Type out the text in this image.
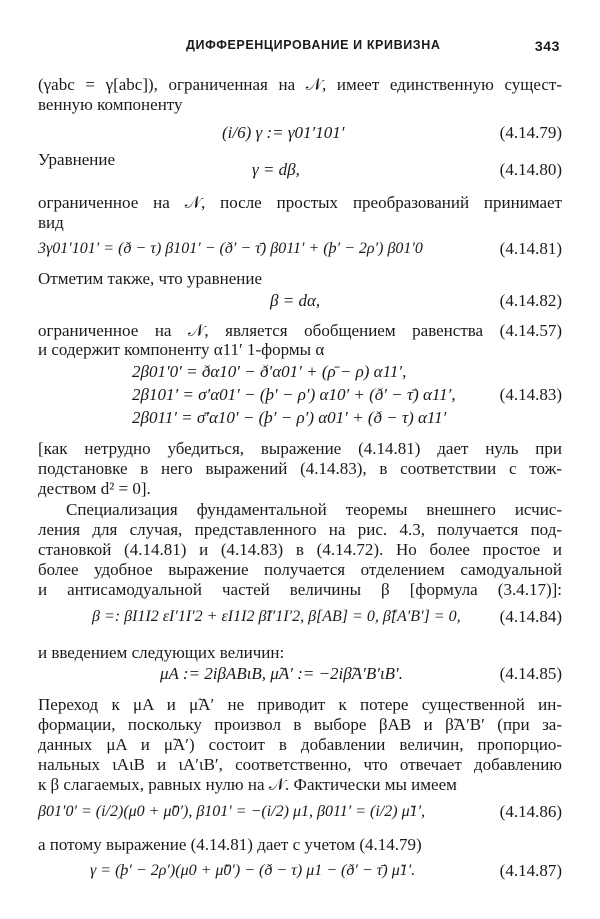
ДИФФЕРЕНЦИРОВАНИЕ И КРИВИЗНА	343
(γabc = γ[abc]), ограниченная на 𝒩, имеет единственную сущест-
венную компоненту
(i/6) γ := γ01′101′	(4.14.79)
Уравнение
γ = dβ,	(4.14.80)
ограниченное на 𝒩, после простых преобразований принимает
вид
3γ01′101′ = (ð − τ) β101′ − (ð′ − τ̄) β011′ + (þ′ − 2ρ′) β01′0	(4.14.81)
Отметим также, что уравнение
β = dα,	(4.14.82)
ограниченное на 𝒩, является обобщением равенства (4.14.57)
и содержит компоненту α11′ 1-формы α
2β01′0′ = ðα10′ − ð′α01′ + (ρ̄ − ρ) α11′,
2β101′ = σ′α01′ − (þ′ − ρ′) α10′ + (ð′ − τ̄) α11′,	(4.14.83)
2β011′ = σ̄′α10′ − (þ′ − ρ′) α01′ + (ð − τ) α11′
[как нетрудно убедиться, выражение (4.14.81) дает нуль при
подстановке в него выражений (4.14.83), в соответствии с тож-
деством d² = 0].
Специализация фундаментальной теоремы внешнего исчис-
ления для случая, представленного на рис. 4.3, получается под-
становкой (4.14.81) и (4.14.83) в (4.14.72). Но более простое и
более удобное выражение получается отделением самодуальной
и антисамодуальной частей величины β [формула (3.4.17)]:
β =: βI1I2 εI′1I′2 + εI1I2 β̃I′1I′2, β[AB] = 0, β̃[A′B′] = 0, (4.14.84)
и введением следующих величин:
μA := 2iβABιB, μ̃A′ := −2iβ̃A′B′ιB′.	(4.14.85)
Переход к μA и μ̃A′ не приводит к потере существенной ин-
формации, поскольку произвол в выборе βAB и β̃A′B′ (при за-
данных μA и μ̃A′) состоит в добавлении величин, пропорцио-
нальных ιAιB и ιA′ιB′, соответственно, что отвечает добавлению
к β слагаемых, равных нулю на 𝒩. Фактически мы имеем
β01′0′ = (i/2)(μ0 + μ̃0′), β101′ = −(i/2) μ1, β011′ = (i/2) μ̃1′,	(4.14.86)
а потому выражение (4.14.81) дает с учетом (4.14.79)
γ = (þ′ − 2ρ′)(μ0 + μ̃0′) − (ð − τ) μ1 − (ð′ − τ̄) μ̃1′.	(4.14.87)
